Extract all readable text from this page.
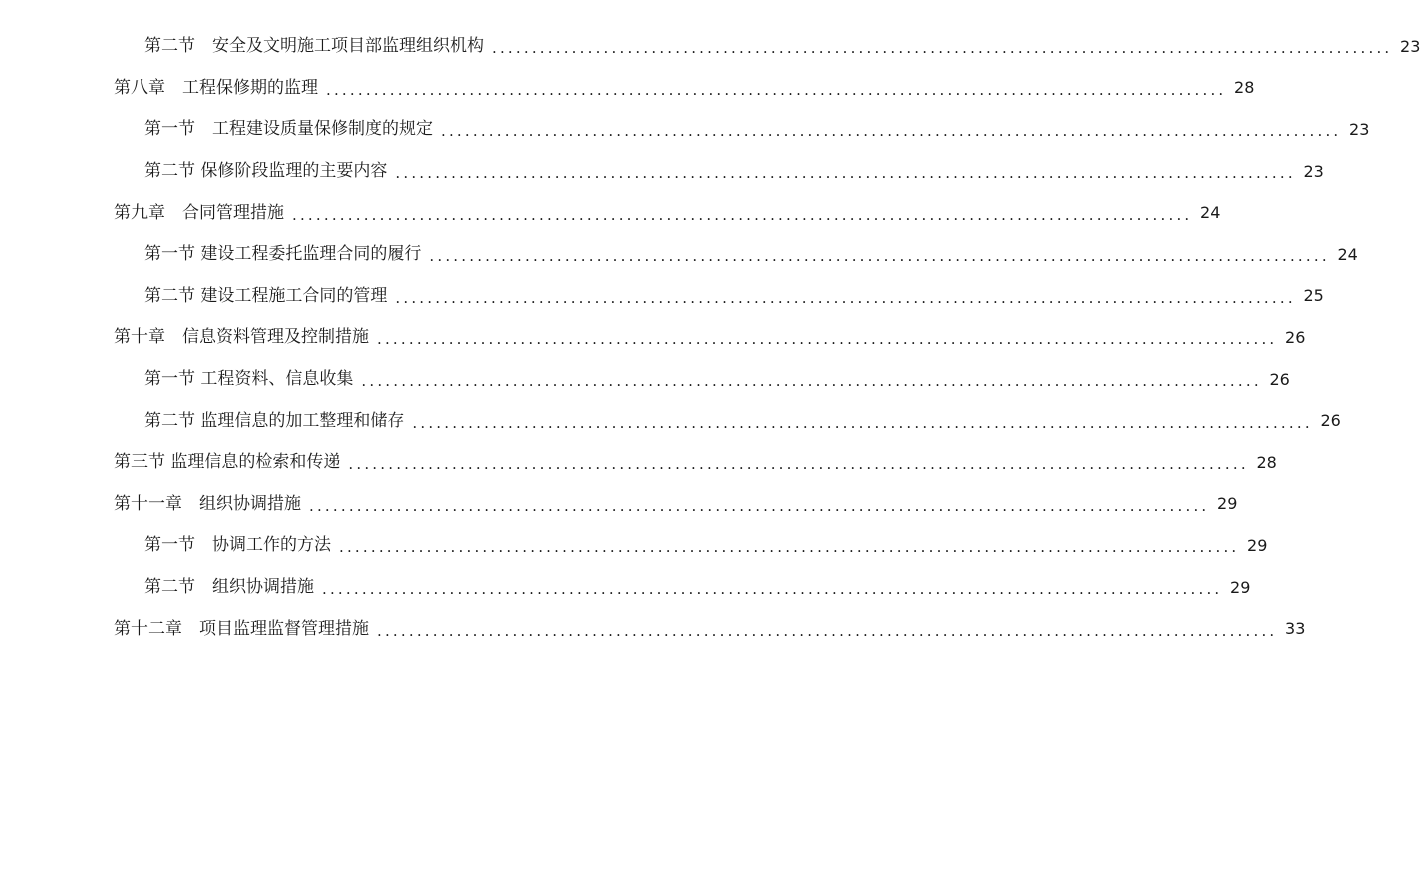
第二节　安全及文明施工项目部监理组织机构 ................................................................................................................. 23
第八章　工程保修期的监理 ................................................................................................................. 28
第一节　工程建设质量保修制度的规定 ................................................................................................................. 23
第二节 保修阶段监理的主要内容 ................................................................................................................. 23
第九章　合同管理措施 ................................................................................................................. 24
第一节 建设工程委托监理合同的履行 ................................................................................................................. 24
第二节 建设工程施工合同的管理 ................................................................................................................. 25
第十章　信息资料管理及控制措施 ................................................................................................................. 26
第一节 工程资料、信息收集 ................................................................................................................. 26
第二节 监理信息的加工整理和储存 ................................................................................................................. 26
第三节 监理信息的检索和传递 ................................................................................................................. 28
第十一章　组织协调措施 ................................................................................................................. 29
第一节　协调工作的方法 ................................................................................................................. 29
第二节　组织协调措施 ................................................................................................................. 29
第十二章　项目监理监督管理措施 ................................................................................................................. 33
